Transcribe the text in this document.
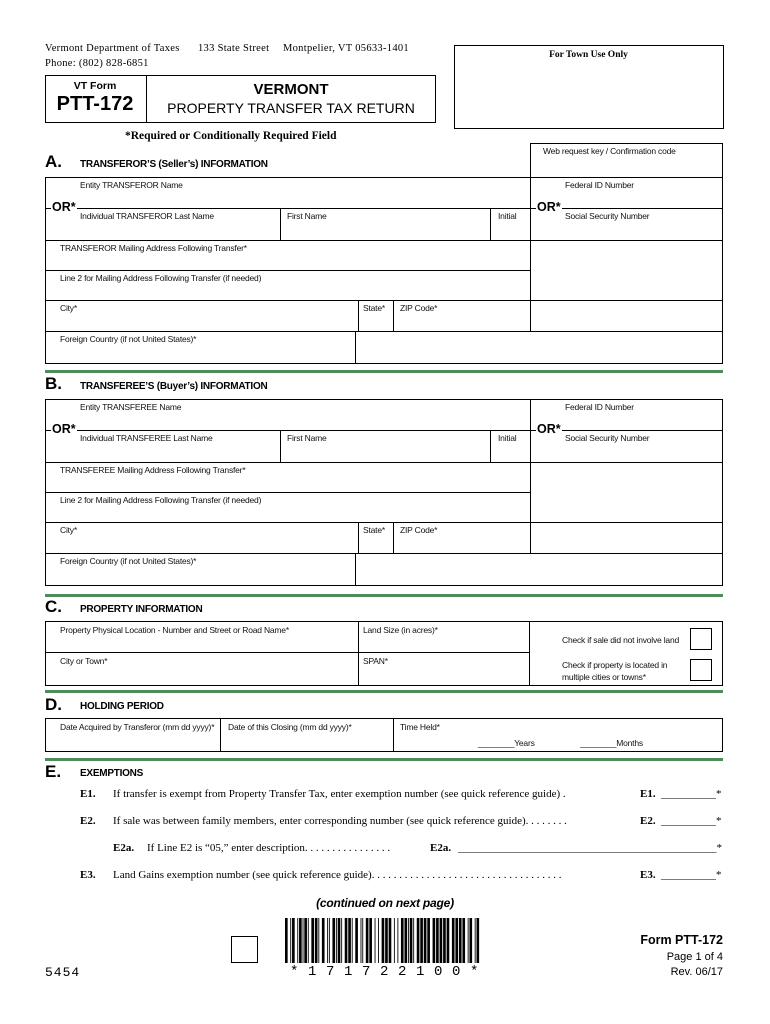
Vermont Department of Taxes 133 State Street Montpelier, VT 05633-1401
Phone: (802) 828-6851
For Town Use Only
VT Form
PTT-172
VERMONT
PROPERTY TRANSFER TAX RETURN
*Required or Conditionally Required Field
Web request key / Confirmation code
A. TRANSFEROR’S (Seller’s) INFORMATION
Entity TRANSFEROR Name	Federal ID Number
Individual TRANSFEROR Last Name	First Name	Initial	Social Security Number
OR*	OR*
TRANSFEROR Mailing Address Following Transfer*
Line 2 for Mailing Address Following Transfer (if needed)
City*	State* ZIP Code*
Foreign Country (if not United States)*
B. TRANSFEREE’S (Buyer’s) INFORMATION
Entity TRANSFEREE Name	Federal ID Number
Individual TRANSFEREE Last Name	First Name	Initial	Social Security Number
OR*	OR*
TRANSFEREE Mailing Address Following Transfer*
Line 2 for Mailing Address Following Transfer (if needed)
City*	State* ZIP Code*
Foreign Country (if not United States)*
C. PROPERTY INFORMATION
Property Physical Location - Number and Street or Road Name*	Land Size (in acres)*
City or Town*	SPAN*
Check if sale did not involve land
Check if property is located in
multiple cities or towns*
D. HOLDING PERIOD
Date Acquired by Transferor (mm dd yyyy)* Date of this Closing (mm dd yyyy)*	Time Held*
________Years	________Months
E. EXEMPTIONS
E1. If transfer is exempt from Property Transfer Tax, enter exemption number (see quick reference guide) .	E1. __________*
E2. If sale was between family members, enter corresponding number (see quick reference guide). . . . . . . .	E2. __________*
E2a. If Line E2 is “05,” enter description. . . . . . . . . . . . . . . .	E2a. _______________________________________________*
E3. Land Gains exemption number (see quick reference guide). . . . . . . . . . . . . . . . . . . . . . . . . . . . . . . . . . .	E3. __________*
(continued on next page)
* 1 7 1 7 2 2 1 0 0 *
5454
Form PTT-172
Page 1 of 4
Rev. 06/17
